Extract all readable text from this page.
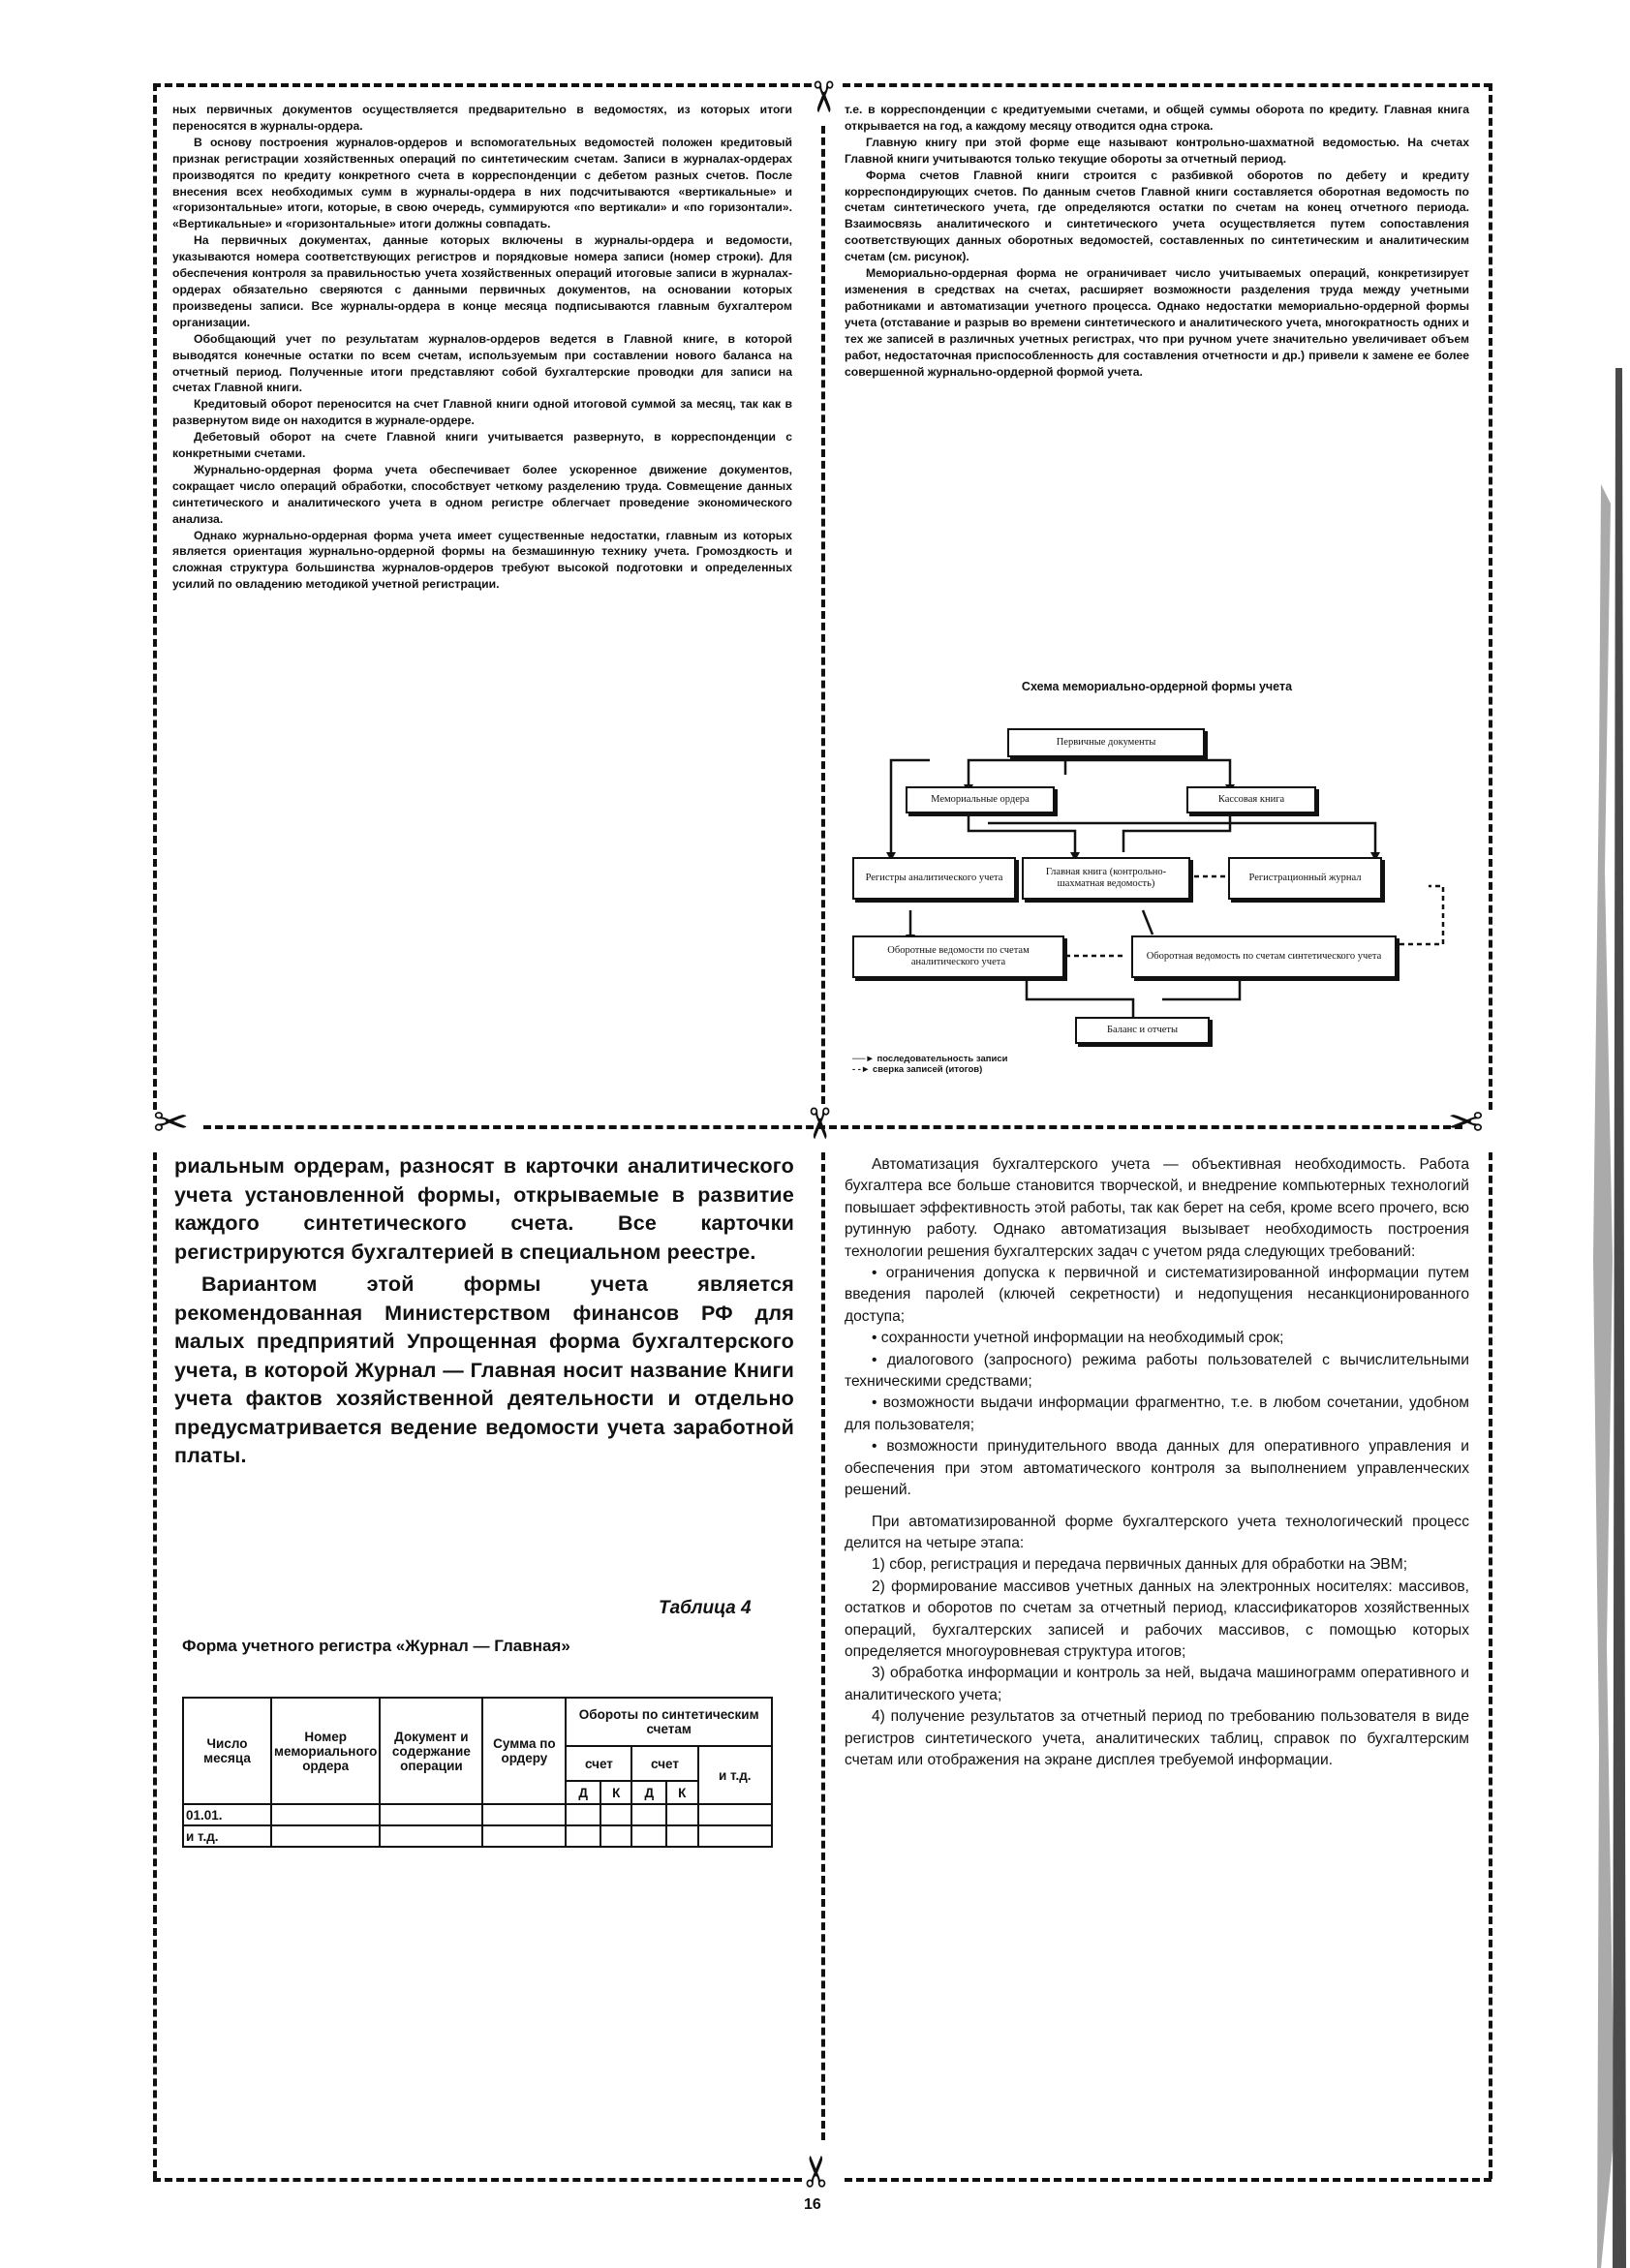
✂
✂	✂	✂
✂

ных первичных документов осуществляется предварительно в ведомостях, из которых итоги переносятся в журналы-ордера.

В основу построения журналов-ордеров и вспомогательных ведомостей положен кредитовый признак регистрации хозяйственных операций по синтетическим счетам. Записи в журналах-ордерах производятся по кредиту конкретного счета в корреспонденции с дебетом разных счетов. После внесения всех необходимых сумм в журналы-ордера в них подсчитываются «вертикальные» и «горизонтальные» итоги, которые, в свою очередь, суммируются «по вертикали» и «по горизонтали». «Вертикальные» и «горизонтальные» итоги должны совпадать.

На первичных документах, данные которых включены в журналы-ордера и ведомости, указываются номера соответствующих регистров и порядковые номера записи (номер строки). Для обеспечения контроля за правильностью учета хозяйственных операций итоговые записи в журналах-ордерах обязательно сверяются с данными первичных документов, на основании которых произведены записи. Все журналы-ордера в конце месяца подписываются главным бухгалтером организации.

Обобщающий учет по результатам журналов-ордеров ведется в Главной книге, в которой выводятся конечные остатки по всем счетам, используемым при составлении нового баланса на отчетный период. Полученные итоги представляют собой бухгалтерские проводки для записи на счетах Главной книги.

Кредитовый оборот переносится на счет Главной книги одной итоговой суммой за месяц, так как в развернутом виде он находится в журнале-ордере.

Дебетовый оборот на счете Главной книги учитывается развернуто, в корреспонденции с конкретными счетами.

Журнально-ордерная форма учета обеспечивает более ускоренное движение документов, сокращает число операций обработки, способствует четкому разделению труда. Совмещение данных синтетического и аналитического учета в одном регистре облегчает проведение экономического анализа.

Однако журнально-ордерная форма учета имеет существенные недостатки, главным из которых является ориентация журнально-ордерной формы на безмашинную технику учета. Громоздкость и сложная структура большинства журналов-ордеров требуют высокой подготовки и определенных усилий по овладению методикой учетной регистрации.

т.е. в корреспонденции с кредитуемыми счетами, и общей суммы оборота по кредиту. Главная книга открывается на год, а каждому месяцу отводится одна строка.

Главную книгу при этой форме еще называют контрольно-шахматной ведомостью. На счетах Главной книги учитываются только текущие обороты за отчетный период.

Форма счетов Главной книги строится с разбивкой оборотов по дебету и кредиту корреспондирующих счетов. По данным счетов Главной книги составляется оборотная ведомость по счетам синтетического учета, где определяются остатки по счетам на конец отчетного периода. Взаимосвязь аналитического и синтетического учета осуществляется путем сопоставления соответствующих данных оборотных ведомостей, составленных по синтетическим и аналитическим счетам (см. рисунок).

Мемориально-ордерная форма не ограничивает число учитываемых операций, конкретизирует изменения в средствах на счетах, расширяет возможности разделения труда между учетными работниками и автоматизации учетного процесса. Однако недостатки мемориально-ордерной формы учета (отставание и разрыв во времени синтетического и аналитического учета, многократность одних и тех же записей в различных учетных регистрах, что при ручном учете значительно увеличивает объем работ, недостаточная приспособленность для составления отчетности и др.) привели к замене ее более совершенной журнально-ордерной формой учета.

Схема мемориально-ордерной формы учета
Первичные документы
Мемориальные ордера	Кассовая книга
Регистры аналитического учета
Главная книга (контрольно-шахматная ведомость)
Регистрационный журнал
Оборотные ведомости по счетам аналитического учета
Оборотная ведомость по счетам синтетического учета
Баланс и отчеты
──► последовательность записи
- -► сверка записей (итогов)

риальным ордерам, разносят в карточки аналитического учета установленной формы, открываемые в развитие каждого синтетического счета. Все карточки регистрируются бухгалтерией в специальном реестре.

Вариантом этой формы учета является рекомендованная Министерством финансов РФ для малых предприятий Упрощенная форма бухгалтерского учета, в которой Журнал — Главная носит название Книги учета фактов хозяйственной деятельности и отдельно предусматривается ведение ведомости учета заработной платы.

Таблица 4
Форма учетного регистра «Журнал — Главная»
Число месяца	Номер мемориального ордера	Документ и содержание операции	Сумма по ордеру	Обороты по синтетическим счетам				
				счет		счет		и т.д.
				Д	К	Д	К	
01.01.								
и т.д.								

Автоматизация бухгалтерского учета — объективная необходимость. Работа бухгалтера все больше становится творческой, и внедрение компьютерных технологий повышает эффективность этой работы, так как берет на себя, кроме всего прочего, всю рутинную работу. Однако автоматизация вызывает необходимость построения технологии решения бухгалтерских задач с учетом ряда следующих требований:

• ограничения допуска к первичной и систематизированной информации путем введения паролей (ключей секретности) и недопущения несанкционированного доступа;

• сохранности учетной информации на необходимый срок;

• диалогового (запросного) режима работы пользователей с вычислительными техническими средствами;

• возможности выдачи информации фрагментно, т.е. в любом сочетании, удобном для пользователя;

• возможности принудительного ввода данных для оперативного управления и обеспечения при этом автоматического контроля за выполнением управленческих решений.

При автоматизированной форме бухгалтерского учета технологический процесс делится на четыре этапа:

1) сбор, регистрация и передача первичных данных для обработки на ЭВМ;

2) формирование массивов учетных данных на электронных носителях: массивов, остатков и оборотов по счетам за отчетный период, классификаторов хозяйственных операций, бухгалтерских записей и рабочих массивов, с помощью которых определяется многоуровневая структура итогов;

3) обработка информации и контроль за ней, выдача машинограмм оперативного и аналитического учета;

4) получение результатов за отчетный период по требованию пользователя в виде регистров синтетического учета, аналитических таблиц, справок по бухгалтерским счетам или отображения на экране дисплея требуемой информации.

16
